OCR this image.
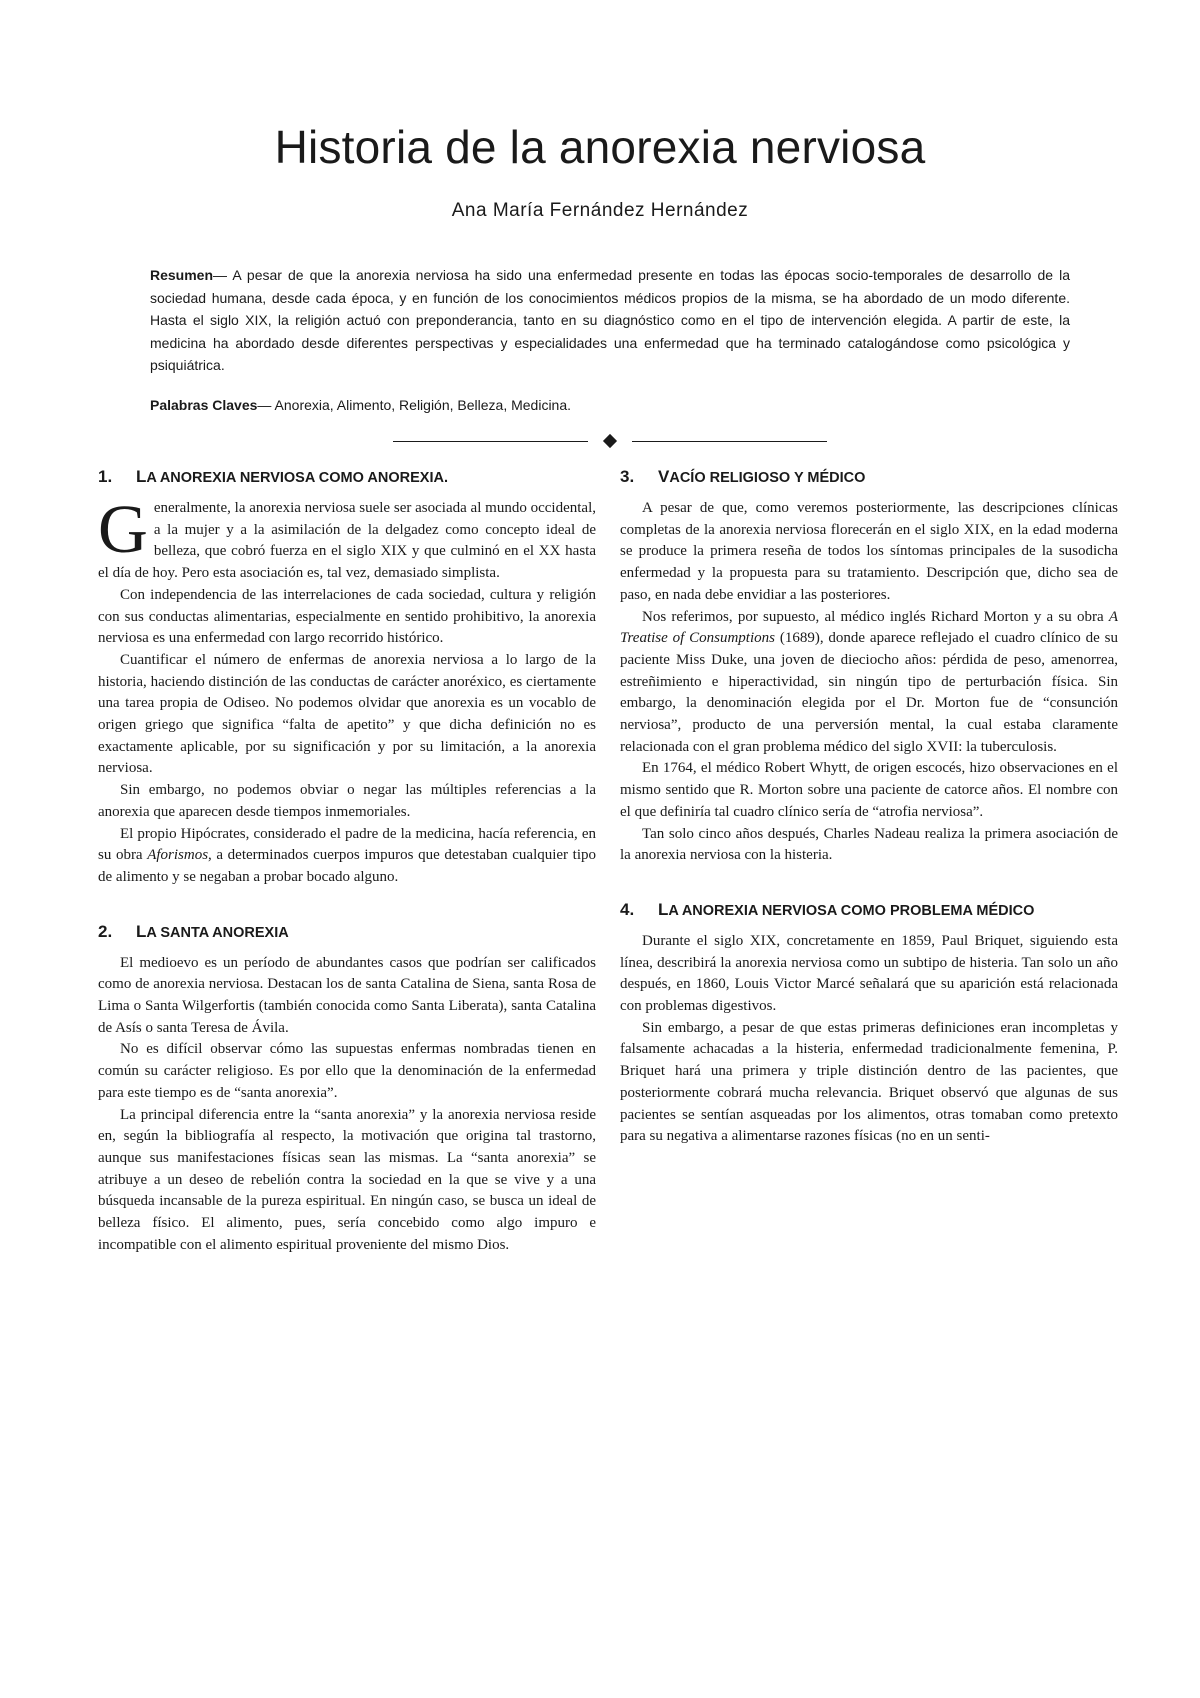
Historia de la anorexia nerviosa
Ana María Fernández Hernández

Resumen— A pesar de que la anorexia nerviosa ha sido una enfermedad presente en todas las épocas socio-temporales de desarrollo de la sociedad humana, desde cada época, y en función de los conocimientos médicos propios de la misma, se ha abordado de un modo diferente. Hasta el siglo XIX, la religión actuó con preponderancia, tanto en su diagnóstico como en el tipo de intervención elegida. A partir de este, la medicina ha abordado desde diferentes perspectivas y especialidades una enfermedad que ha terminado catalogándose como psicológica y psiquiátrica.

Palabras Claves— Anorexia, Alimento, Religión, Belleza, Medicina.

1. LA ANOREXIA NERVIOSA COMO ANOREXIA.

Generalmente, la anorexia nerviosa suele ser asociada al mundo occidental, a la mujer y a la asimilación de la delgadez como concepto ideal de belleza, que cobró fuerza en el siglo XIX y que culminó en el XX hasta el día de hoy. Pero esta asociación es, tal vez, demasiado simplista.

Con independencia de las interrelaciones de cada sociedad, cultura y religión con sus conductas alimentarias, especialmente en sentido prohibitivo, la anorexia nerviosa es una enfermedad con largo recorrido histórico.

Cuantificar el número de enfermas de anorexia nerviosa a lo largo de la historia, haciendo distinción de las conductas de carácter anoréxico, es ciertamente una tarea propia de Odiseo. No podemos olvidar que anorexia es un vocablo de origen griego que significa “falta de apetito” y que dicha definición no es exactamente aplicable, por su significación y por su limitación, a la anorexia nerviosa.

Sin embargo, no podemos obviar o negar las múltiples referencias a la anorexia que aparecen desde tiempos inmemoriales.

El propio Hipócrates, considerado el padre de la medicina, hacía referencia, en su obra Aforismos, a determinados cuerpos impuros que detestaban cualquier tipo de alimento y se negaban a probar bocado alguno.

2. LA SANTA ANOREXIA

El medioevo es un período de abundantes casos que podrían ser calificados como de anorexia nerviosa. Destacan los de santa Catalina de Siena, santa Rosa de Lima o Santa Wilgerfortis (también conocida como Santa Liberata), santa Catalina de Asís o santa Teresa de Ávila.

No es difícil observar cómo las supuestas enfermas nombradas tienen en común su carácter religioso. Es por ello que la denominación de la enfermedad para este tiempo es de “santa anorexia”.

La principal diferencia entre la “santa anorexia” y la anorexia nerviosa reside en, según la bibliografía al respecto, la motivación que origina tal trastorno, aunque sus manifestaciones físicas sean las mismas. La “santa anorexia” se atribuye a un deseo de rebelión contra la sociedad en la que se vive y a una búsqueda incansable de la pureza espiritual. En ningún caso, se busca un ideal de belleza físico. El alimento, pues, sería concebido como algo impuro e incompatible con el alimento espiritual proveniente del mismo Dios.

3. VACÍO RELIGIOSO Y MÉDICO

A pesar de que, como veremos posteriormente, las descripciones clínicas completas de la anorexia nerviosa florecerán en el siglo XIX, en la edad moderna se produce la primera reseña de todos los síntomas principales de la susodicha enfermedad y la propuesta para su tratamiento. Descripción que, dicho sea de paso, en nada debe envidiar a las posteriores.

Nos referimos, por supuesto, al médico inglés Richard Morton y a su obra A Treatise of Consumptions (1689), donde aparece reflejado el cuadro clínico de su paciente Miss Duke, una joven de dieciocho años: pérdida de peso, amenorrea, estreñimiento e hiperactividad, sin ningún tipo de perturbación física. Sin embargo, la denominación elegida por el Dr. Morton fue de “consunción nerviosa”, producto de una perversión mental, la cual estaba claramente relacionada con el gran problema médico del siglo XVII: la tuberculosis.

En 1764, el médico Robert Whytt, de origen escocés, hizo observaciones en el mismo sentido que R. Morton sobre una paciente de catorce años. El nombre con el que definiría tal cuadro clínico sería de “atrofia nerviosa”.

Tan solo cinco años después, Charles Nadeau realiza la primera asociación de la anorexia nerviosa con la histeria.

4. LA ANOREXIA NERVIOSA COMO PROBLEMA MÉDICO

Durante el siglo XIX, concretamente en 1859, Paul Briquet, siguiendo esta línea, describirá la anorexia nerviosa como un subtipo de histeria. Tan solo un año después, en 1860, Louis Victor Marcé señalará que su aparición está relacionada con problemas digestivos.

Sin embargo, a pesar de que estas primeras definiciones eran incompletas y falsamente achacadas a la histeria, enfermedad tradicionalmente femenina, P. Briquet hará una primera y triple distinción dentro de las pacientes, que posteriormente cobrará mucha relevancia. Briquet observó que algunas de sus pacientes se sentían asqueadas por los alimentos, otras tomaban como pretexto para su negativa a alimentarse razones físicas (no en un senti-
